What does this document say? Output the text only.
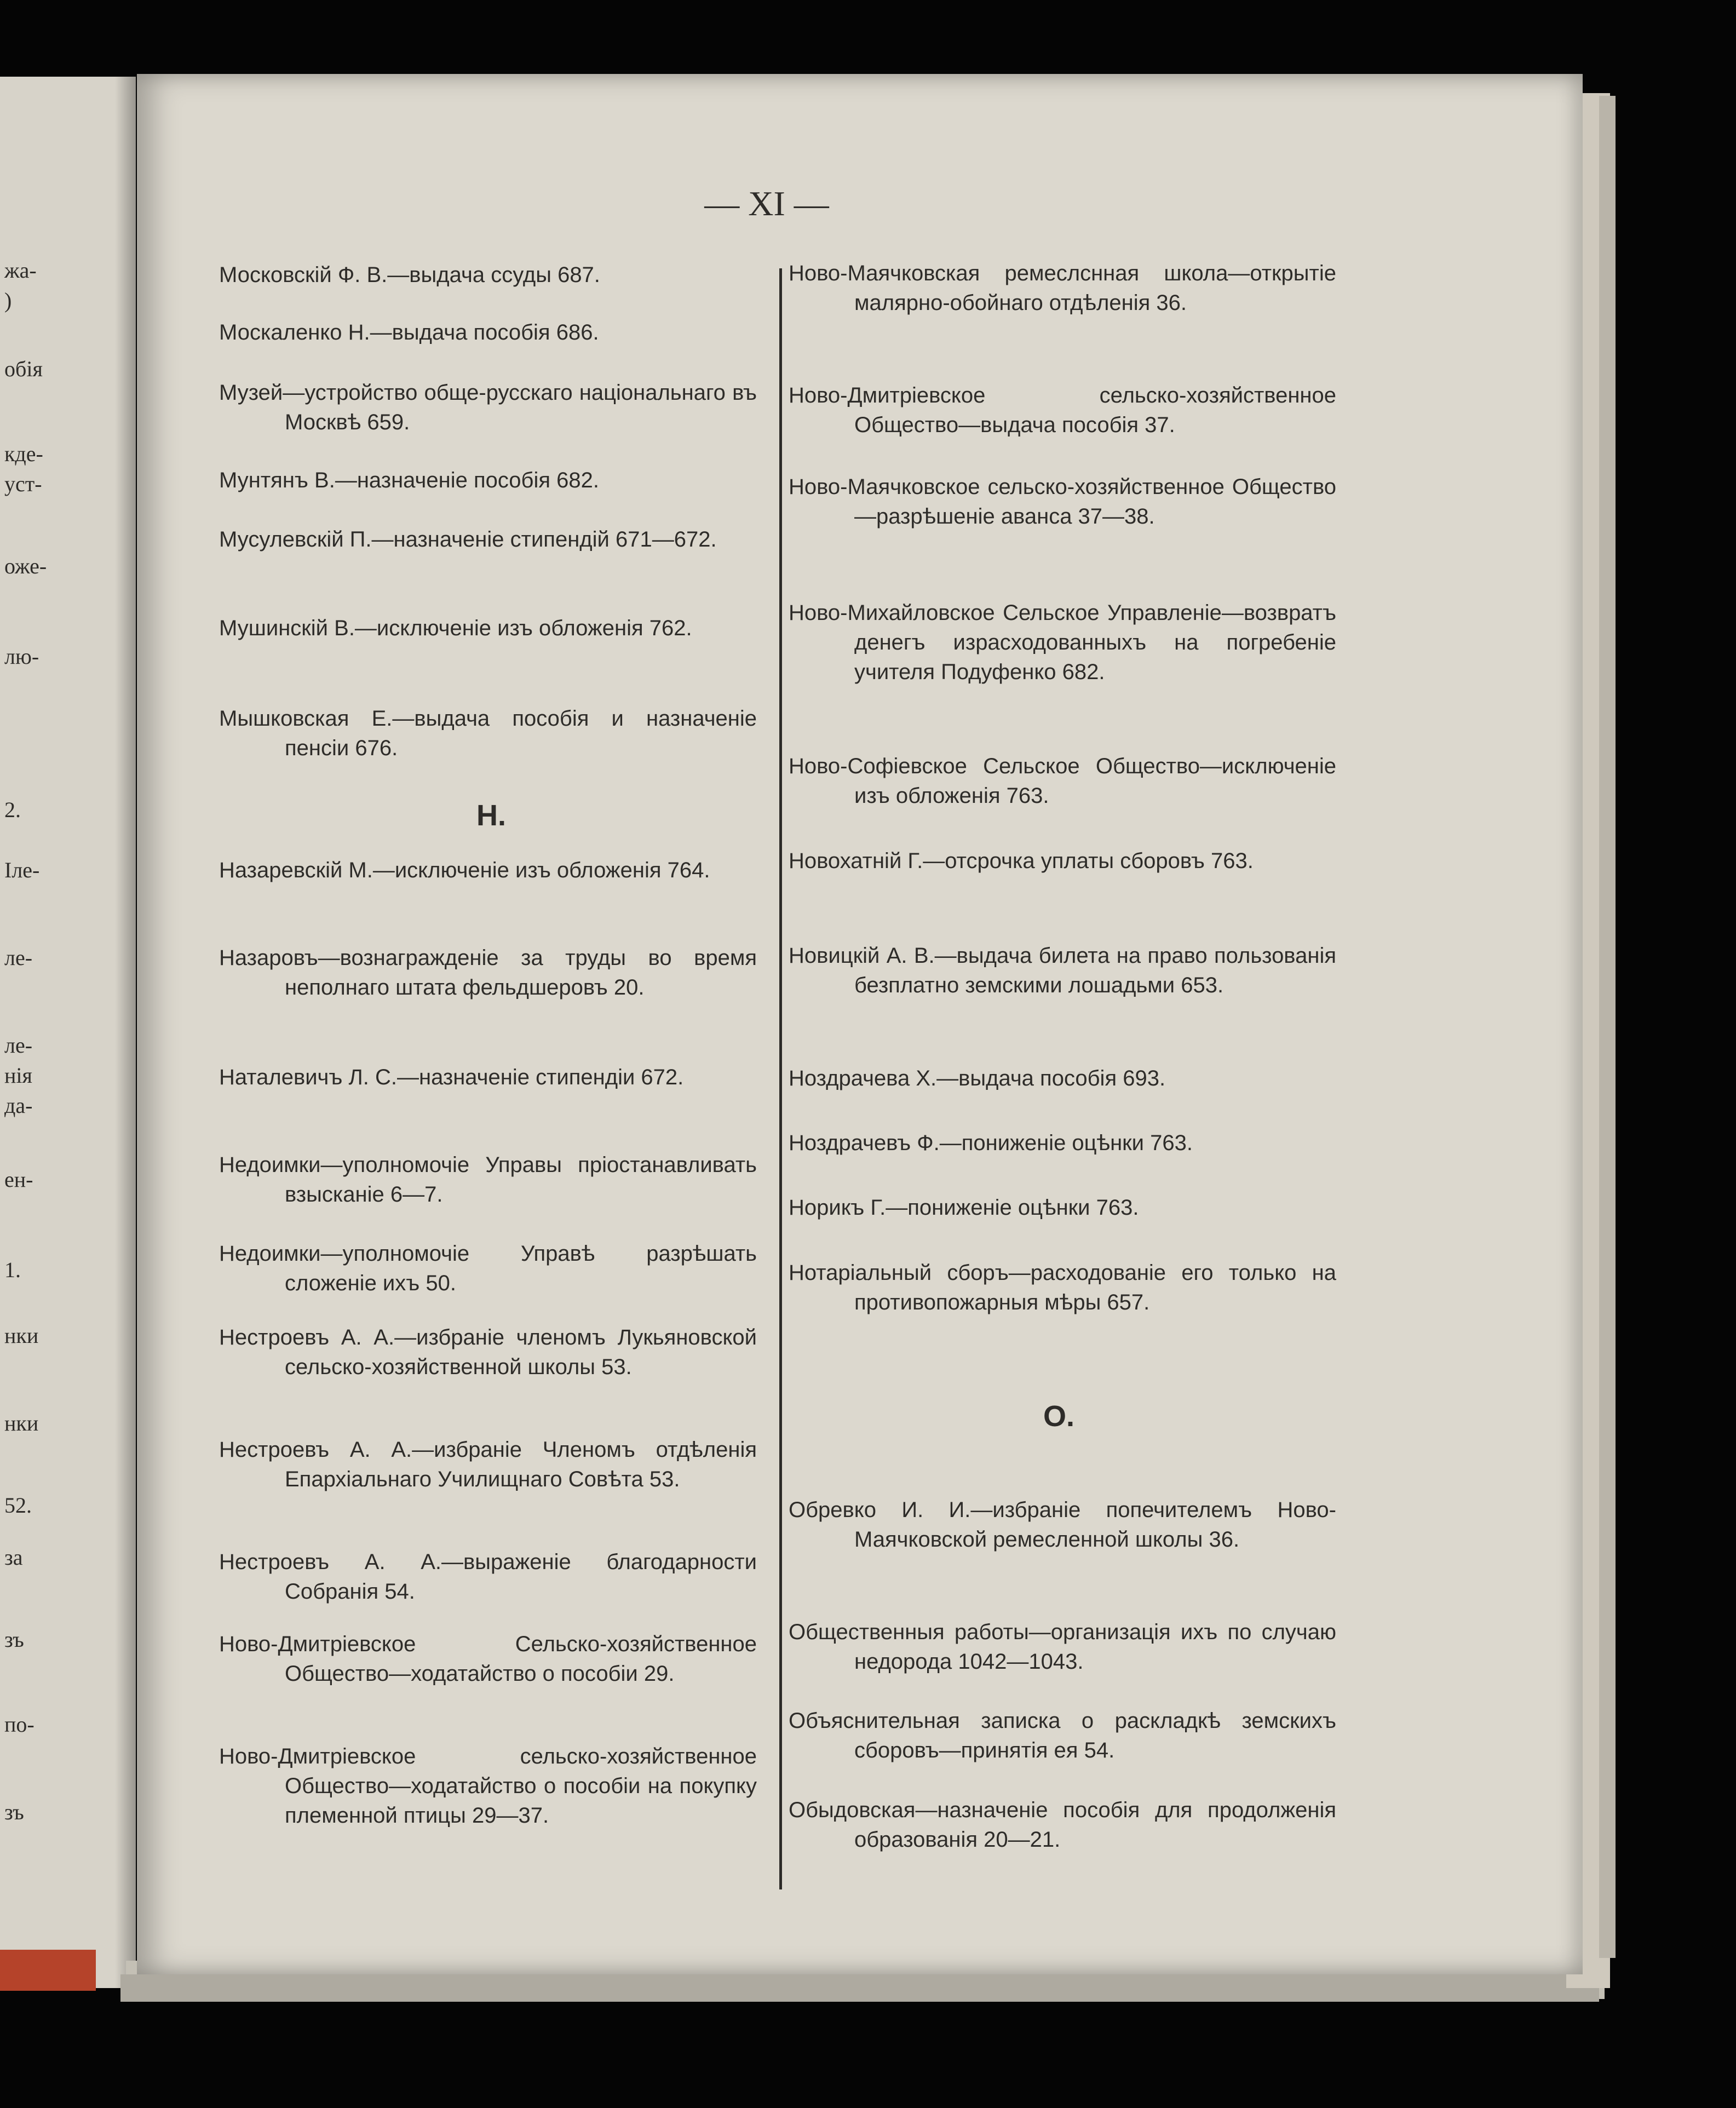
жа-
)
обія
кде-
уст-
оже-
лю-
2.
Іле-
ле-
ле-
нія
да-
ен-
1.
нки
нки
52.
за
зъ
по-
зъ
— XI —
Московскій Ф. В.—выдача ссуды 687.
Москаленко Н.—выдача пособія 686.
Музей—устройство обще-русскаго національнаго въ Москвѣ 659.
Мунтянъ В.—назначеніе пособія 682.
Мусулевскій П.—назначеніе стипендій 671—672.
Мушинскій В.—исключеніе изъ обложенія 762.
Мышковская Е.—выдача пособія и назначеніе пенсіи 676.
Н.
Назаревскій М.—исключеніе изъ обложенія 764.
Назаровъ—вознагражденіе за труды во время неполнаго штата фельдшеровъ 20.
Наталевичъ Л. С.—назначеніе стипендіи 672.
Недоимки—уполномочіе Управы пріостанавливать взысканіе 6—7.
Недоимки—уполномочіе Управѣ разрѣшать сложеніе ихъ 50.
Нестроевъ А. А.—избраніе членомъ Лукьяновской сельско-хозяйственной школы 53.
Нестроевъ А. А.—избраніе Членомъ отдѣленія Епархіальнаго Училищнаго Совѣта 53.
Нестроевъ А. А.—выраженіе благодарности Собранія 54.
Ново-Дмитріевское Сельско-хозяйственное Общество—ходатайство о пособіи 29.
Ново-Дмитріевское сельско-хозяйственное Общество—ходатайство о пособіи на покупку племенной птицы 29—37.
Ново-Маячковская ремеслснная школа—открытіе малярно-обойнаго отдѣленія 36.
Ново-Дмитріевское сельско-хозяйственное Общество—выдача пособія 37.
Ново-Маячковское сельско-хозяйственное Общество—разрѣшеніе аванса 37—38.
Ново-Михайловское Сельское Управленіе—возвратъ денегъ израсходованныхъ на погребеніе учителя Подуфенко 682.
Ново-Софіевское Сельское Общество—исключеніе изъ обложенія 763.
Новохатній Г.—отсрочка уплаты сборовъ 763.
Новицкій А. В.—выдача билета на право пользованія безплатно земскими лошадьми 653.
Ноздрачева Х.—выдача пособія 693.
Ноздрачевъ Ф.—пониженіе оцѣнки 763.
Норикъ Г.—пониженіе оцѣнки 763.
Нотаріальный сборъ—расходованіе его только на противопожарныя мѣры 657.
О.
Обревко И. И.—избраніе попечителемъ Ново-Маячковской ремесленной школы 36.
Общественныя работы—организація ихъ по случаю недорода 1042—1043.
Объяснительная записка о раскладкѣ земскихъ сборовъ—принятія ея 54.
Обыдовская—назначеніе пособія для продолженія образованія 20—21.
